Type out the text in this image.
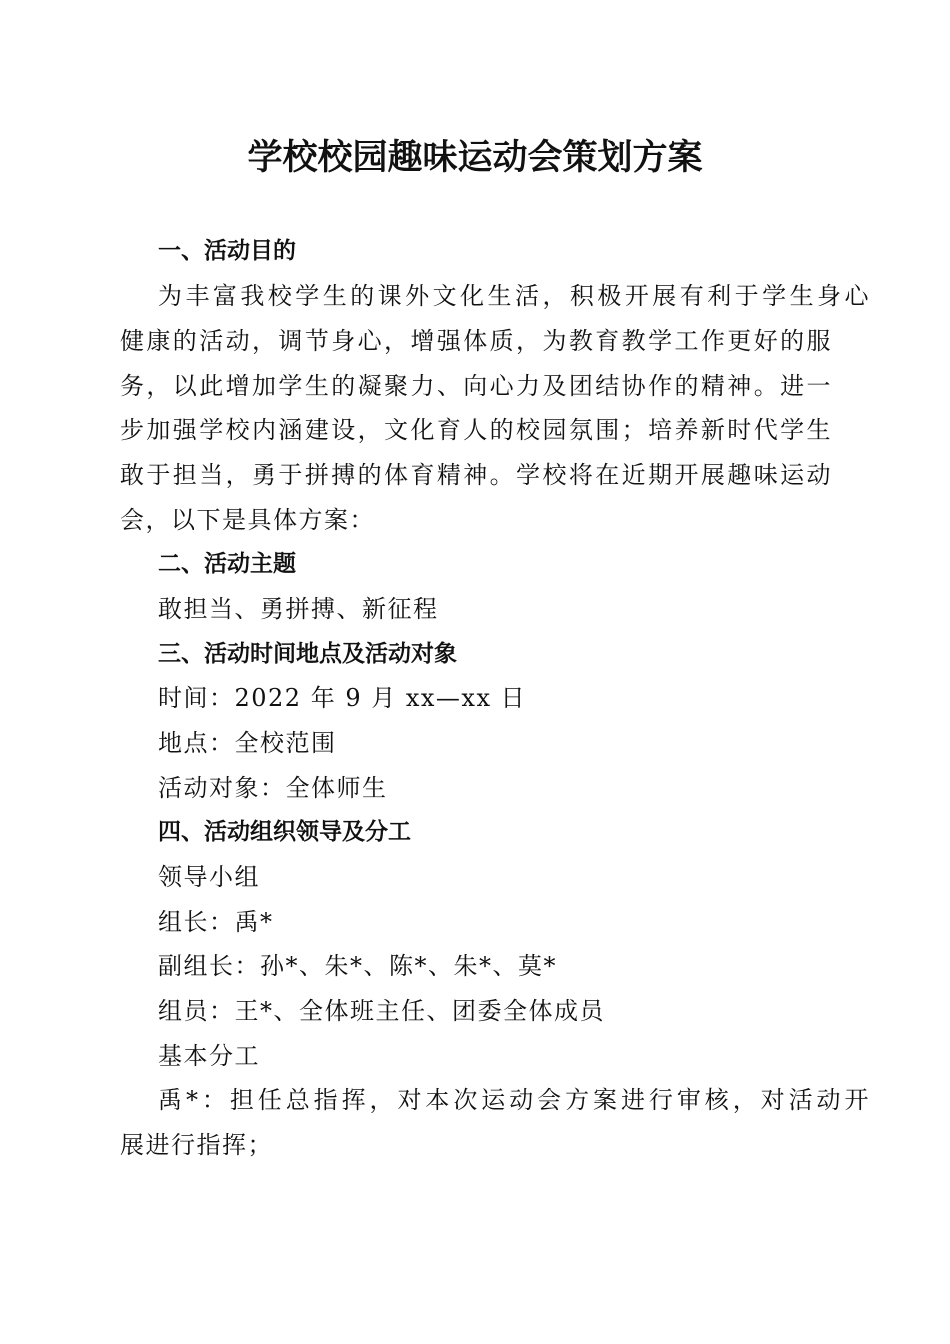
学校校园趣味运动会策划方案

一、活动目的

为丰富我校学生的课外文化生活，积极开展有利于学生身心

健康的活动，调节身心，增强体质，为教育教学工作更好的服

务，以此增加学生的凝聚力、向心力及团结协作的精神。进一

步加强学校内涵建设，文化育人的校园氛围；培养新时代学生

敢于担当，勇于拼搏的体育精神。学校将在近期开展趣味运动

会，以下是具体方案：

二、活动主题

敢担当、勇拼搏、新征程

三、活动时间地点及活动对象

时间：2022 年 9 月 xx—xx 日

地点：全校范围

活动对象：全体师生

四、活动组织领导及分工

领导小组

组长：禹*

副组长：孙*、朱*、陈*、朱*、莫*

组员：王*、全体班主任、团委全体成员

基本分工

禹*：担任总指挥，对本次运动会方案进行审核，对活动开

展进行指挥；
